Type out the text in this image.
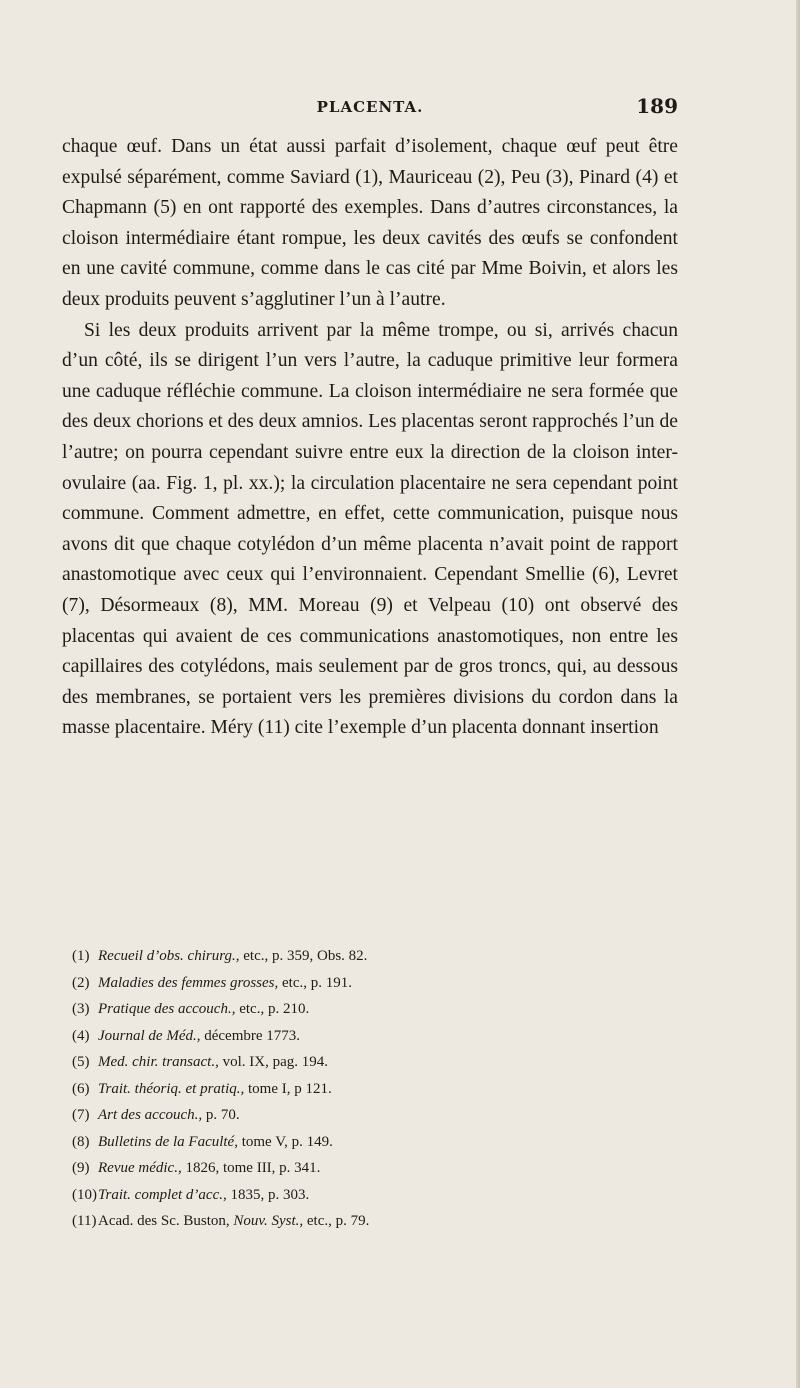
PLACENTA.	189

chaque œuf. Dans un état aussi parfait d’isolement, chaque œuf peut être expulsé séparément, comme Saviard (1), Mauriceau (2), Peu (3), Pinard (4) et Chapmann (5) en ont rapporté des exemples. Dans d’autres circonstances, la cloison intermédiaire étant rompue, les deux cavités des œufs se confondent en une cavité commune, comme dans le cas cité par Mme Boivin, et alors les deux produits peuvent s’agglutiner l’un à l’autre.

Si les deux produits arrivent par la même trompe, ou si, arrivés chacun d’un côté, ils se dirigent l’un vers l’autre, la caduque primitive leur formera une caduque réfléchie commune. La cloison intermédiaire ne sera formée que des deux chorions et des deux amnios. Les placentas seront rapprochés l’un de l’autre; on pourra cependant suivre entre eux la direction de la cloison inter-ovulaire (aa. Fig. 1, pl. xx.); la circulation placentaire ne sera cependant point commune. Comment admettre, en effet, cette communication, puisque nous avons dit que chaque cotylédon d’un même placenta n’avait point de rapport anastomotique avec ceux qui l’environnaient. Cependant Smellie (6), Levret (7), Désormeaux (8), MM. Moreau (9) et Velpeau (10) ont observé des placentas qui avaient de ces communications anastomotiques, non entre les capillaires des cotylédons, mais seulement par de gros troncs, qui, au dessous des membranes, se portaient vers les premières divisions du cordon dans la masse placentaire. Méry (11) cite l’exemple d’un placenta donnant insertion

(1) Recueil d’obs. chirurg., etc., p. 359, Obs. 82.
(2) Maladies des femmes grosses, etc., p. 191.
(3) Pratique des accouch., etc., p. 210.
(4) Journal de Méd., décembre 1773.
(5) Med. chir. transact., vol. IX, pag. 194.
(6) Trait. théoriq. et pratiq., tome I, p 121.
(7) Art des accouch., p. 70.
(8) Bulletins de la Faculté, tome V, p. 149.
(9) Revue médic., 1826, tome III, p. 341.
(10)Trait. complet d’acc., 1835, p. 303.
(11) Acad. des Sc. Buston, Nouv. Syst., etc., p. 79.
